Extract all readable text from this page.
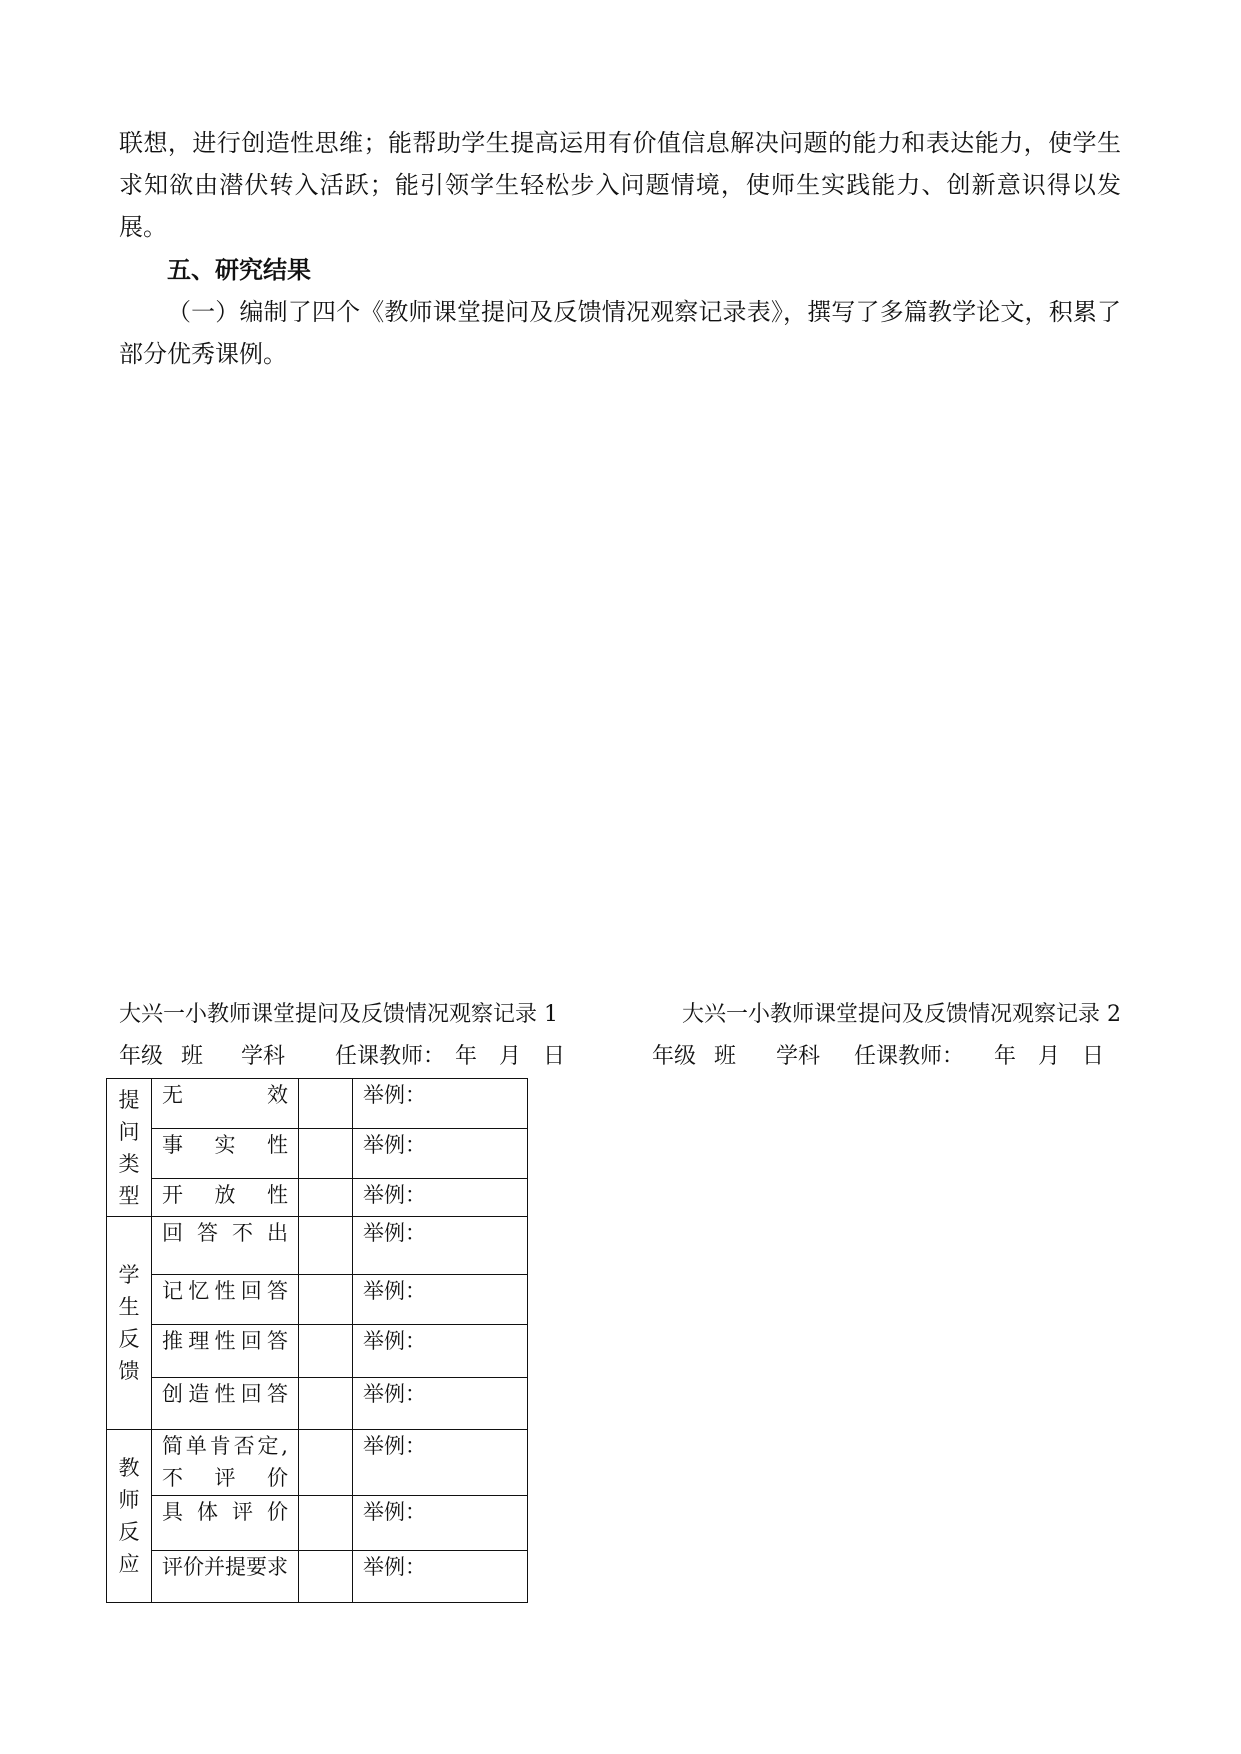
联想，进行创造性思维；能帮助学生提高运用有价值信息解决问题的能力和表达能力，使学生求知欲由潜伏转入活跃；能引领学生轻松步入问题情境，使师生实践能力、创新意识得以发展。

五、研究结果
（一）编制了四个《教师课堂提问及反馈情况观察记录表》，撰写了多篇教学论文，积累了部分优秀课例。
大兴一小教师课堂提问及反馈情况观察记录 1
年级 班 学科 任课教师： 年 月 日
大兴一小教师课堂提问及反馈情况观察记录 2
年级 班 学科 任课教师： 年 月 日
提
问
类
型	无效		举例：
	事实性		举例：
	开放性		举例：

学
生
反
馈	回答不出		举例：
	记忆性回答		举例：
	推理性回答		举例：
	创造性回答		举例：

教
师
反
应	简单肯否定,不评价		举例：
	具体评价		举例：
	评价并提要求		举例：
